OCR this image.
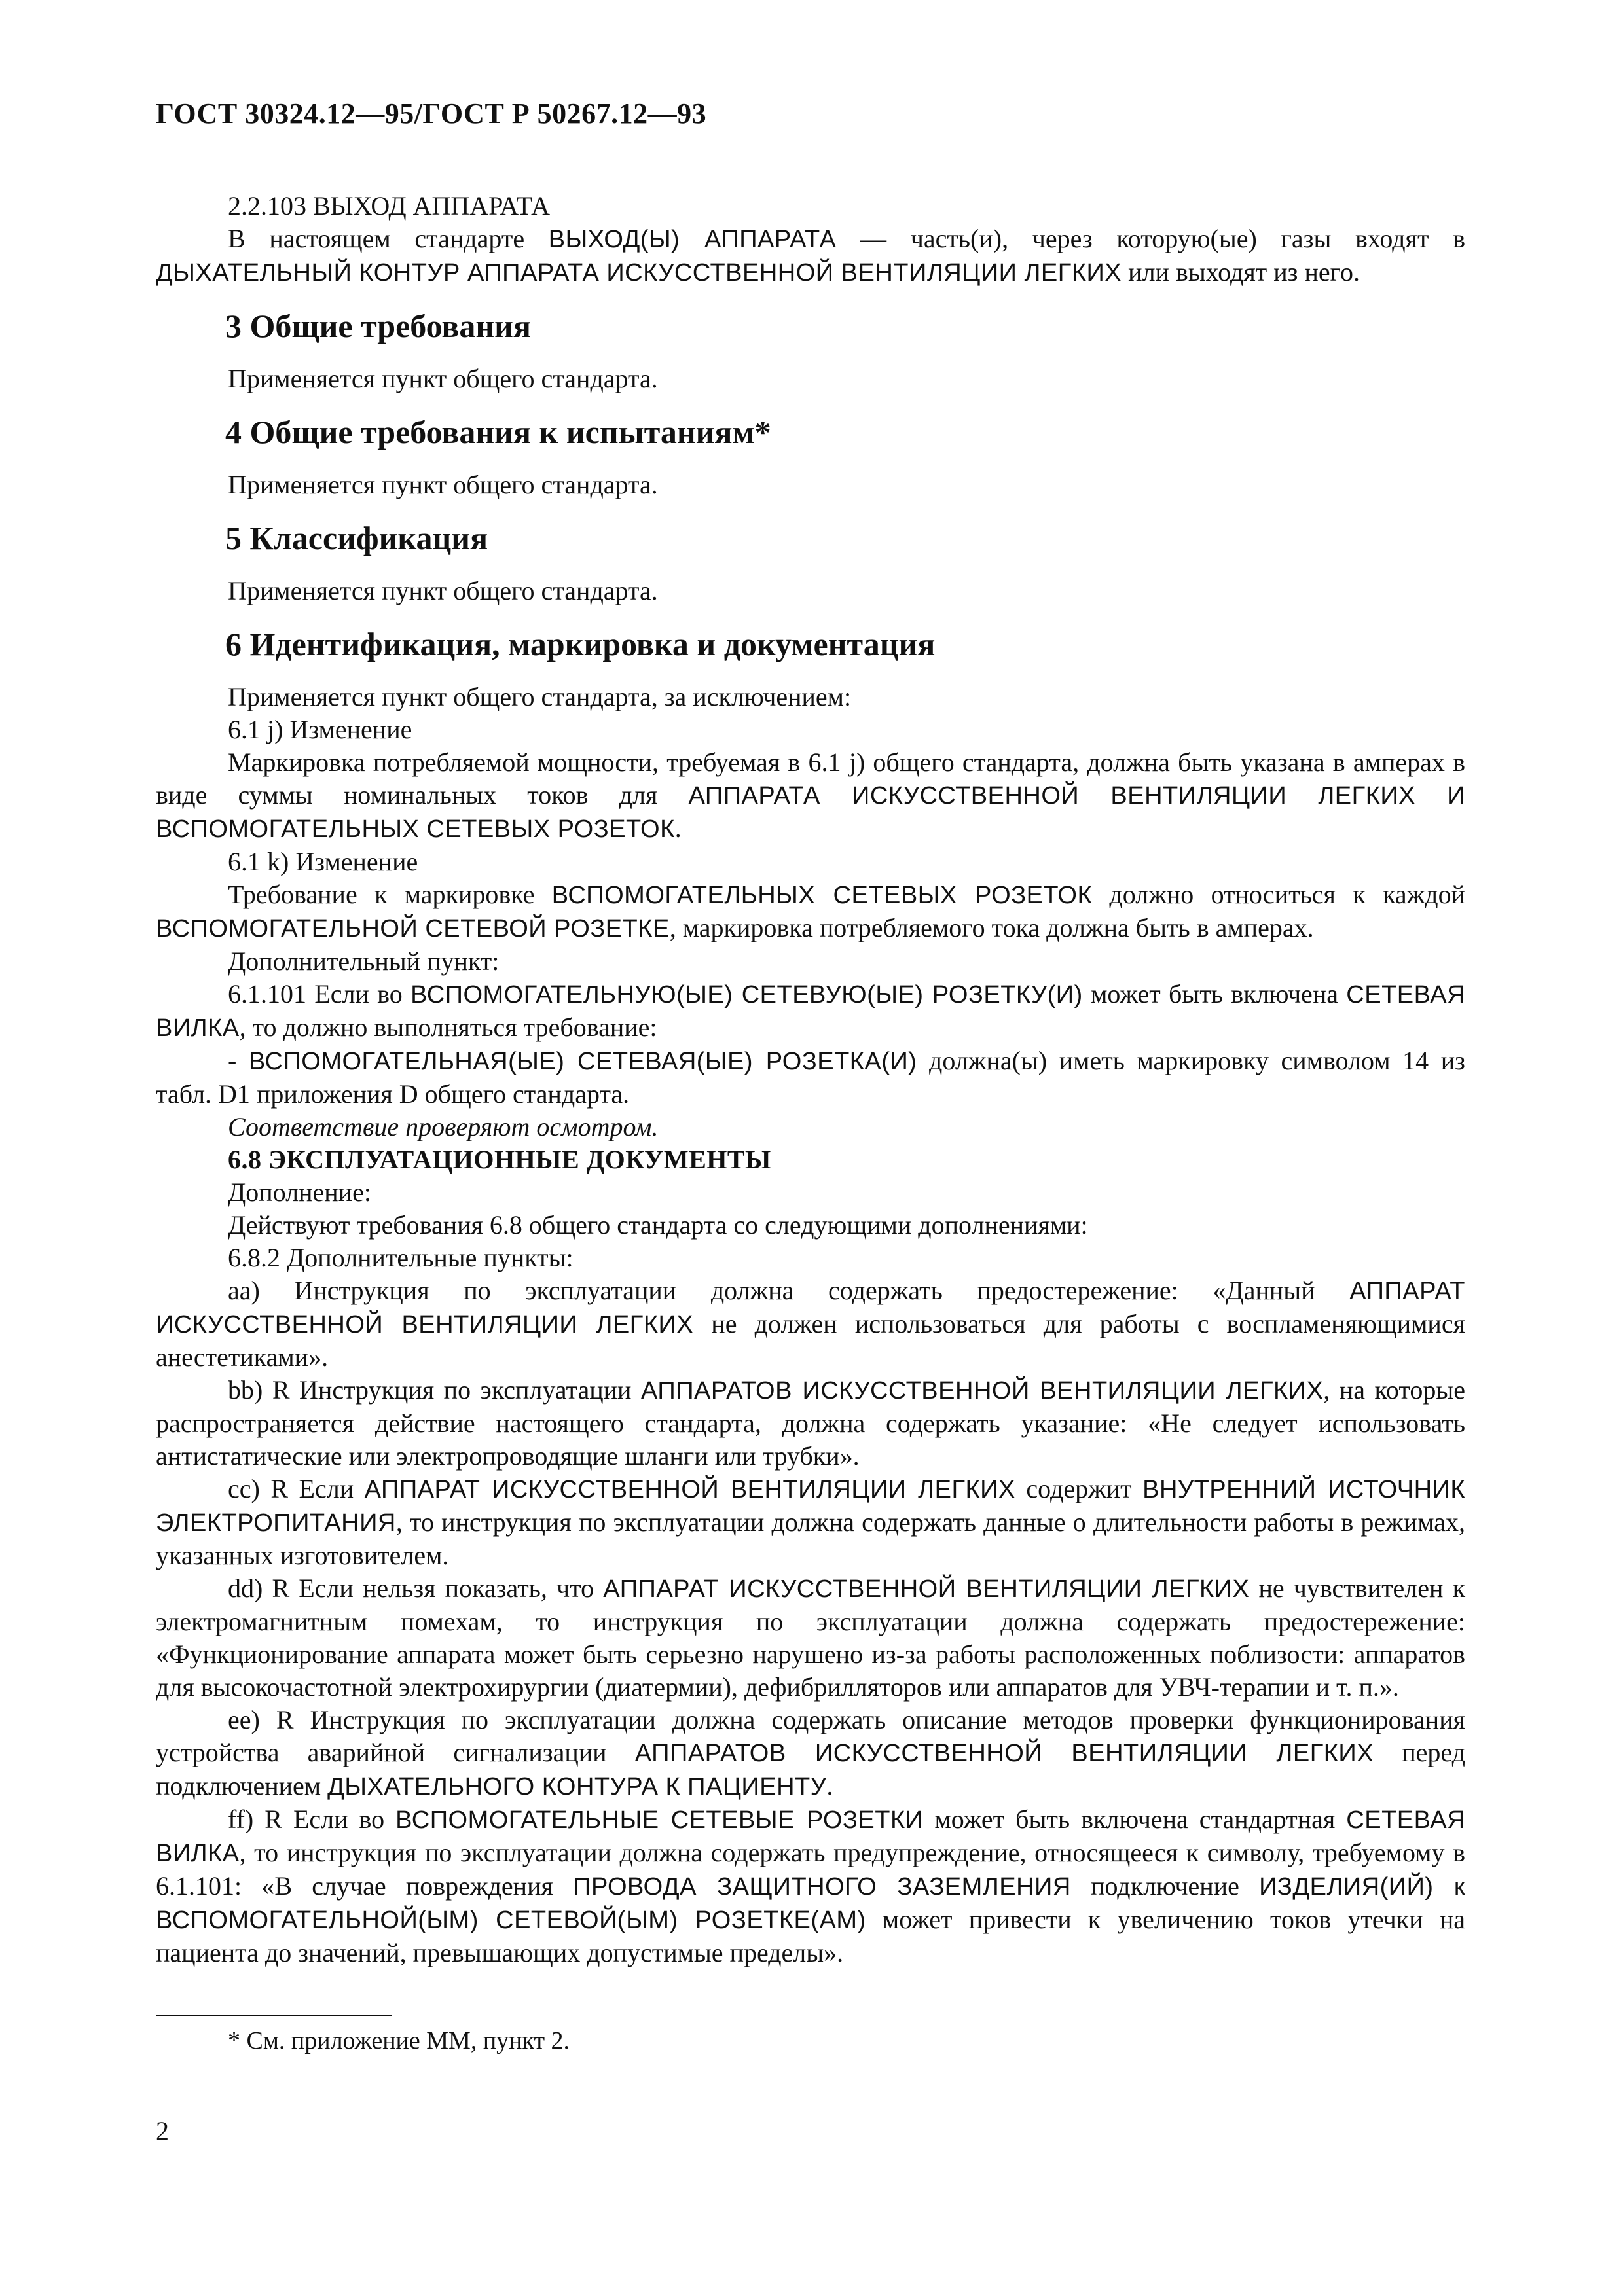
ГОСТ 30324.12—95/ГОСТ Р 50267.12—93

2.2.103 ВЫХОД АППАРАТА

В настоящем стандарте ВЫХОД(Ы) АППАРАТА — часть(и), через которую(ые) газы входят в ДЫХАТЕЛЬНЫЙ КОНТУР АППАРАТА ИСКУССТВЕННОЙ ВЕНТИЛЯЦИИ ЛЕГКИХ или выходят из него.

3 Общие требования

Применяется пункт общего стандарта.

4 Общие требования к испытаниям*

Применяется пункт общего стандарта.

5 Классификация

Применяется пункт общего стандарта.

6 Идентификация, маркировка и документация

Применяется пункт общего стандарта, за исключением:

6.1 j) Изменение

Маркировка потребляемой мощности, требуемая в 6.1 j) общего стандарта, должна быть указана в амперах в виде суммы номинальных токов для АППАРАТА ИСКУССТВЕННОЙ ВЕНТИЛЯЦИИ ЛЕГКИХ И ВСПОМОГАТЕЛЬНЫХ СЕТЕВЫХ РОЗЕТОК.

6.1 k) Изменение

Требование к маркировке ВСПОМОГАТЕЛЬНЫХ СЕТЕВЫХ РОЗЕТОК должно относиться к каждой ВСПОМОГАТЕЛЬНОЙ СЕТЕВОЙ РОЗЕТКЕ, маркировка потребляемого тока должна быть в амперах.

Дополнительный пункт:

6.1.101 Если во ВСПОМОГАТЕЛЬНУЮ(ЫЕ) СЕТЕВУЮ(ЫЕ) РОЗЕТКУ(И) может быть включена СЕТЕВАЯ ВИЛКА, то должно выполняться требование:

- ВСПОМОГАТЕЛЬНАЯ(ЫЕ) СЕТЕВАЯ(ЫЕ) РОЗЕТКА(И) должна(ы) иметь маркировку символом 14 из табл. D1 приложения D общего стандарта.

Соответствие проверяют осмотром.

6.8 ЭКСПЛУАТАЦИОННЫЕ ДОКУМЕНТЫ

Дополнение:

Действуют требования 6.8 общего стандарта со следующими дополнениями:

6.8.2 Дополнительные пункты:

aa) Инструкция по эксплуатации должна содержать предостережение: «Данный АППАРАТ ИСКУССТВЕННОЙ ВЕНТИЛЯЦИИ ЛЕГКИХ не должен использоваться для работы с воспламеняющимися анестетиками».

bb) R Инструкция по эксплуатации АППАРАТОВ ИСКУССТВЕННОЙ ВЕНТИЛЯЦИИ ЛЕГКИХ, на которые распространяется действие настоящего стандарта, должна содержать указание: «Не следует использовать антистатические или электропроводящие шланги или трубки».

cc) R Если АППАРАТ ИСКУССТВЕННОЙ ВЕНТИЛЯЦИИ ЛЕГКИХ содержит ВНУТРЕННИЙ ИСТОЧНИК ЭЛЕКТРОПИТАНИЯ, то инструкция по эксплуатации должна содержать данные о длительности работы в режимах, указанных изготовителем.

dd) R Если нельзя показать, что АППАРАТ ИСКУССТВЕННОЙ ВЕНТИЛЯЦИИ ЛЕГКИХ не чувствителен к электромагнитным помехам, то инструкция по эксплуатации должна содержать предостережение: «Функционирование аппарата может быть серьезно нарушено из-за работы расположенных поблизости: аппаратов для высокочастотной электрохирургии (диатермии), дефибрилляторов или аппаратов для УВЧ-терапии и т. п.».

ee) R Инструкция по эксплуатации должна содержать описание методов проверки функционирования устройства аварийной сигнализации АППАРАТОВ ИСКУССТВЕННОЙ ВЕНТИЛЯЦИИ ЛЕГКИХ перед подключением ДЫХАТЕЛЬНОГО КОНТУРА К ПАЦИЕНТУ.

ff) R Если во ВСПОМОГАТЕЛЬНЫЕ СЕТЕВЫЕ РОЗЕТКИ может быть включена стандартная СЕТЕВАЯ ВИЛКА, то инструкция по эксплуатации должна содержать предупреждение, относящееся к символу, требуемому в 6.1.101: «В случае повреждения ПРОВОДА ЗАЩИТНОГО ЗАЗЕМЛЕНИЯ подключение ИЗДЕЛИЯ(ИЙ) к ВСПОМОГАТЕЛЬНОЙ(ЫМ) СЕТЕВОЙ(ЫМ) РОЗЕТКЕ(АМ) может привести к увеличению токов утечки на пациента до значений, превышающих допустимые пределы».

* См. приложение ММ, пункт 2.
2
